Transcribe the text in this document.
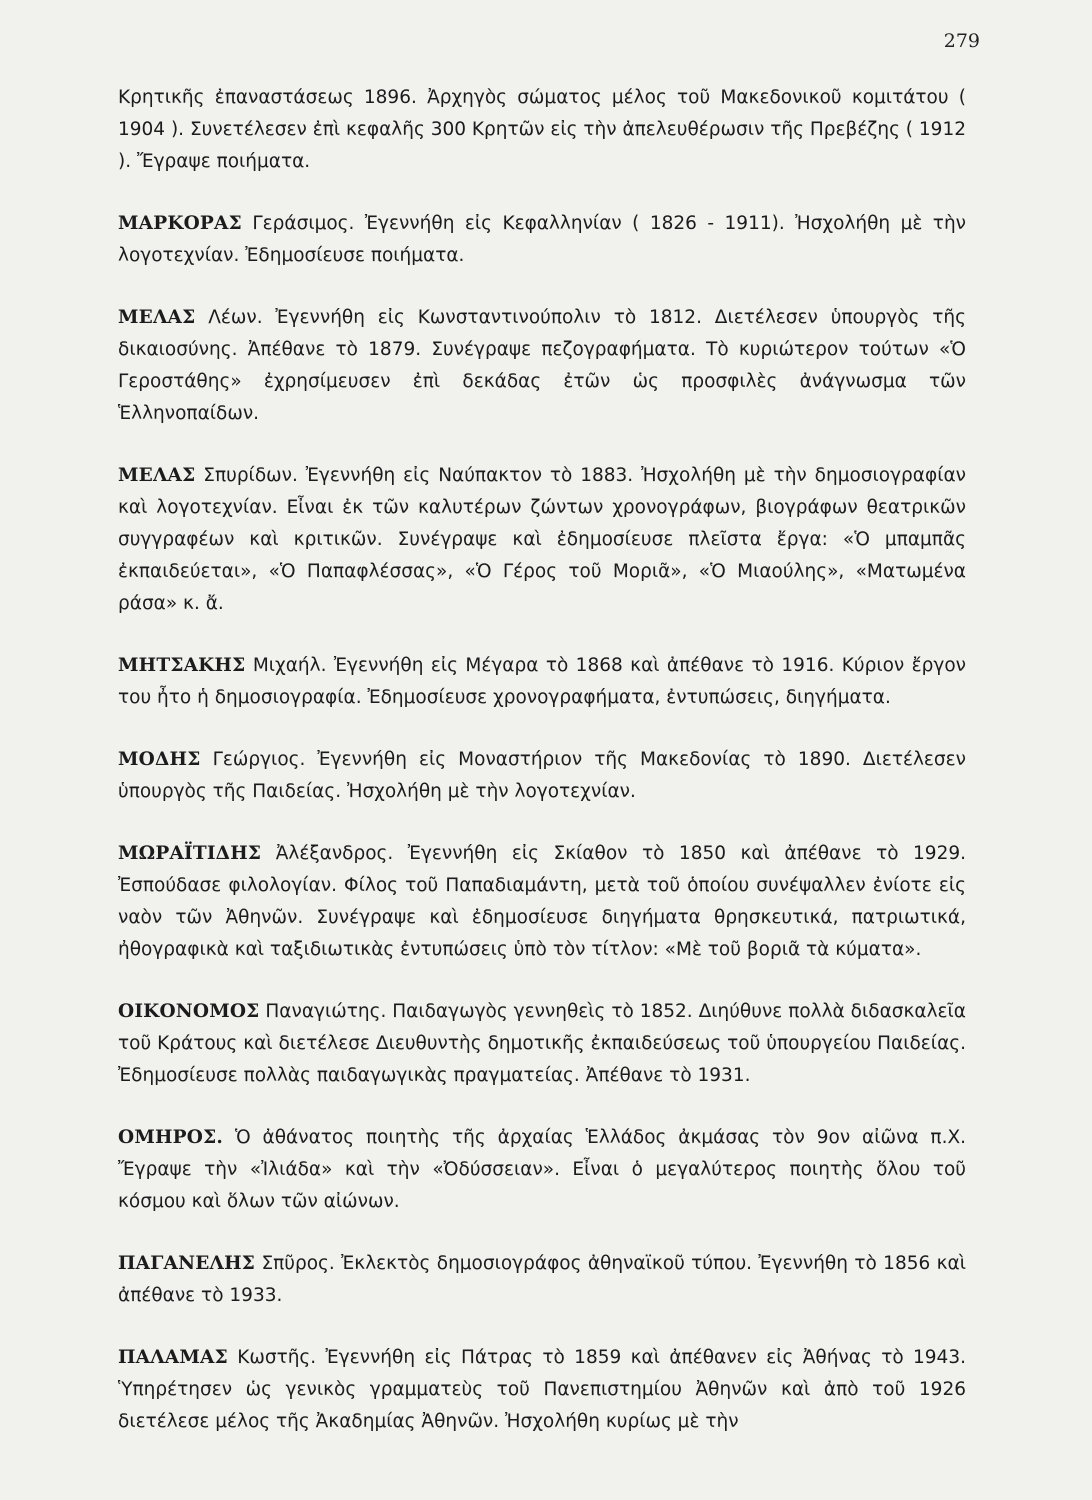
279

Κρητικῆς ἐπαναστάσεως 1896. Ἀρχηγὸς σώματος μέλος τοῦ Μακεδονικοῦ κομιτάτου ( 1904 ). Συνετέλεσεν ἐπὶ κεφαλῆς 300 Κρητῶν εἰς τὴν ἀπελευθέρωσιν τῆς Πρεβέζης ( 1912 ). Ἔγραψε ποιήματα.

ΜΑΡΚΟΡΑΣ Γεράσιμος. Ἐγεννήθη εἰς Κεφαλληνίαν ( 1826 - 1911). Ἠσχολήθη μὲ τὴν λογοτεχνίαν. Ἐδημοσίευσε ποιήματα.

ΜΕΛΑΣ Λέων. Ἐγεννήθη εἰς Κωνσταντινούπολιν τὸ 1812. Διετέλεσεν ὑπουργὸς τῆς δικαιοσύνης. Ἀπέθανε τὸ 1879. Συνέγραψε πεζογραφήματα. Τὸ κυριώτερον τούτων «Ὁ Γεροστάθης» ἐχρησίμευσεν ἐπὶ δεκάδας ἐτῶν ὡς προσφιλὲς ἀνάγνωσμα τῶν Ἑλληνοπαίδων.

ΜΕΛΑΣ Σπυρίδων. Ἐγεννήθη εἰς Ναύπακτον τὸ 1883. Ἠσχολήθη μὲ τὴν δημοσιογραφίαν καὶ λογοτεχνίαν. Εἶναι ἐκ τῶν καλυτέρων ζώντων χρονογράφων, βιογράφων θεατρικῶν συγγραφέων καὶ κριτικῶν. Συνέγραψε καὶ ἐδημοσίευσε πλεῖστα ἔργα: «Ὁ μπαμπᾶς ἐκπαιδεύεται», «Ὁ Παπαφλέσσας», «Ὁ Γέρος τοῦ Μοριᾶ», «Ὁ Μιαούλης», «Ματωμένα ράσα» κ. ἄ.

ΜΗΤΣΑΚΗΣ Μιχαήλ. Ἐγεννήθη εἰς Μέγαρα τὸ 1868 καὶ ἀπέθανε τὸ 1916. Κύριον ἔργον του ἦτο ἡ δημοσιογραφία. Ἐδημοσίευσε χρονογραφήματα, ἐντυπώσεις, διηγήματα.

ΜΟΔΗΣ Γεώργιος. Ἐγεννήθη εἰς Μοναστήριον τῆς Μακεδονίας τὸ 1890. Διετέλεσεν ὑπουργὸς τῆς Παιδείας. Ἠσχολήθη μὲ τὴν λογοτεχνίαν.

ΜΩΡΑΪΤΙΔΗΣ Ἀλέξανδρος. Ἐγεννήθη εἰς Σκίαθον τὸ 1850 καὶ ἀπέθανε τὸ 1929. Ἐσπούδασε φιλολογίαν. Φίλος τοῦ Παπαδιαμάντη, μετὰ τοῦ ὁποίου συνέψαλλεν ἐνίοτε εἰς ναὸν τῶν Ἀθηνῶν. Συνέγραψε καὶ ἐδημοσίευσε διηγήματα θρησκευτικά, πατριωτικά, ἠθογραφικὰ καὶ ταξιδιωτικὰς ἐντυπώσεις ὑπὸ τὸν τίτλον: «Μὲ τοῦ βοριᾶ τὰ κύματα».

ΟΙΚΟΝΟΜΟΣ Παναγιώτης. Παιδαγωγὸς γεννηθεὶς τὸ 1852. Διηύθυνε πολλὰ διδασκαλεῖα τοῦ Κράτους καὶ διετέλεσε Διευθυντὴς δημοτικῆς ἐκπαιδεύσεως τοῦ ὑπουργείου Παιδείας. Ἐδημοσίευσε πολλὰς παιδαγωγικὰς πραγματείας. Ἀπέθανε τὸ 1931.

ΟΜΗΡΟΣ. Ὁ ἀθάνατος ποιητὴς τῆς ἀρχαίας Ἑλλάδος ἀκμάσας τὸν 9ον αἰῶνα π.Χ. Ἔγραψε τὴν «Ἰλιάδα» καὶ τὴν «Ὀδύσσειαν». Εἶναι ὁ μεγαλύτερος ποιητὴς ὅλου τοῦ κόσμου καὶ ὅλων τῶν αἰώνων.

ΠΑΓΑΝΕΛΗΣ Σπῦρος. Ἐκλεκτὸς δημοσιογράφος ἀθηναϊκοῦ τύπου. Ἐγεννήθη τὸ 1856 καὶ ἀπέθανε τὸ 1933.

ΠΑΛΑΜΑΣ Κωστῆς. Ἐγεννήθη εἰς Πάτρας τὸ 1859 καὶ ἀπέθανεν εἰς Ἀθήνας τὸ 1943. Ὑπηρέτησεν ὡς γενικὸς γραμματεὺς τοῦ Πανεπιστημίου Ἀθηνῶν καὶ ἀπὸ τοῦ 1926 διετέλεσε μέλος τῆς Ἀκαδημίας Ἀθηνῶν. Ἠσχολήθη κυρίως μὲ τὴν
